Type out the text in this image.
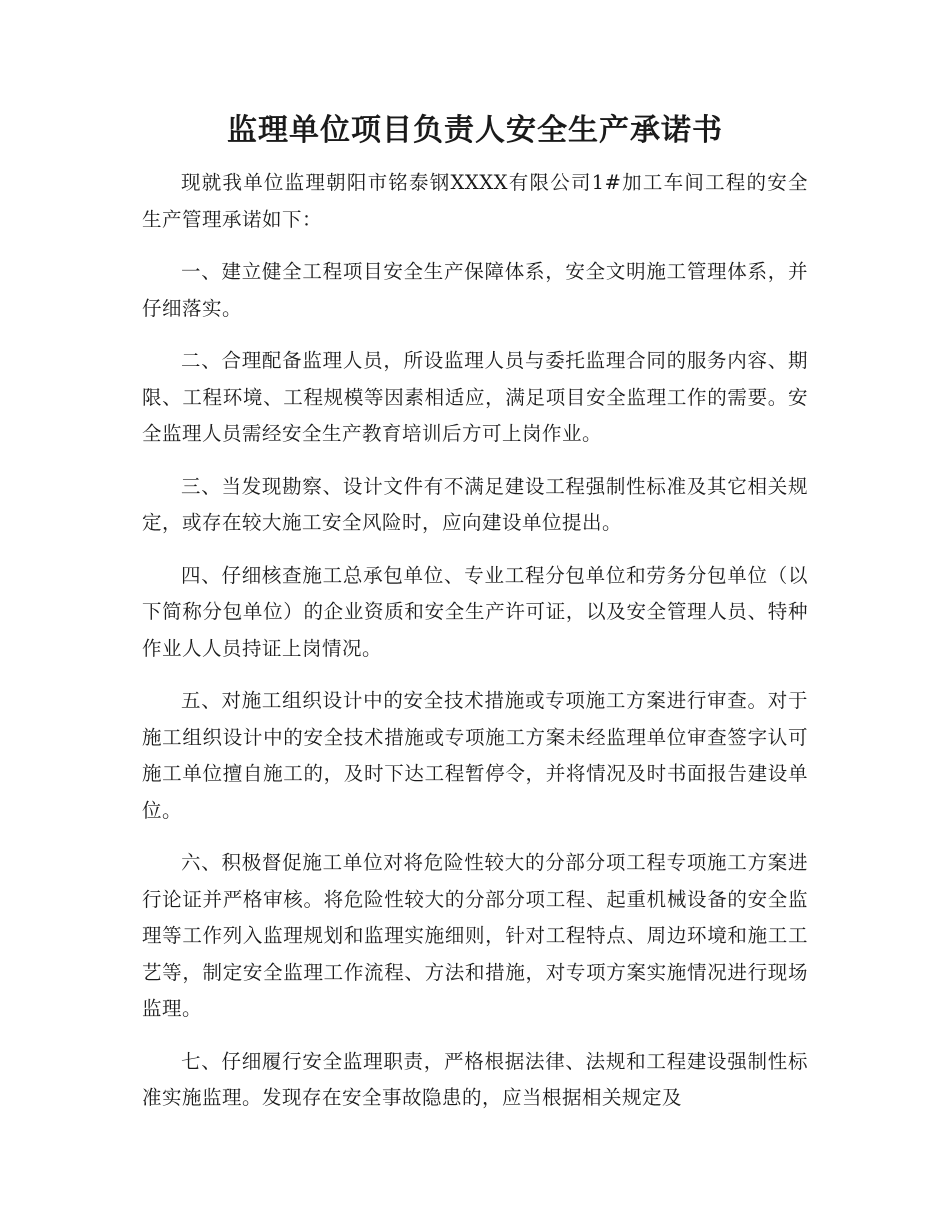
监理单位项目负责人安全生产承诺书

现就我单位监理朝阳市铭泰钢XXXX有限公司1#加工车间工程的安全生产管理承诺如下：

一、建立健全工程项目安全生产保障体系，安全文明施工管理体系，并仔细落实。

二、合理配备监理人员，所设监理人员与委托监理合同的服务内容、期限、工程环境、工程规模等因素相适应，满足项目安全监理工作的需要。安全监理人员需经安全生产教育培训后方可上岗作业。

三、当发现勘察、设计文件有不满足建设工程强制性标准及其它相关规定，或存在较大施工安全风险时，应向建设单位提出。

四、仔细核查施工总承包单位、专业工程分包单位和劳务分包单位（以下简称分包单位）的企业资质和安全生产许可证，以及安全管理人员、特种作业人人员持证上岗情况。

五、对施工组织设计中的安全技术措施或专项施工方案进行审查。对于施工组织设计中的安全技术措施或专项施工方案未经监理单位审查签字认可施工单位擅自施工的，及时下达工程暂停令，并将情况及时书面报告建设单位。

六、积极督促施工单位对将危险性较大的分部分项工程专项施工方案进行论证并严格审核。将危险性较大的分部分项工程、起重机械设备的安全监理等工作列入监理规划和监理实施细则，针对工程特点、周边环境和施工工艺等，制定安全监理工作流程、方法和措施，对专项方案实施情况进行现场监理。

七、仔细履行安全监理职责，严格根据法律、法规和工程建设强制性标准实施监理。发现存在安全事故隐患的，应当根据相关规定及
